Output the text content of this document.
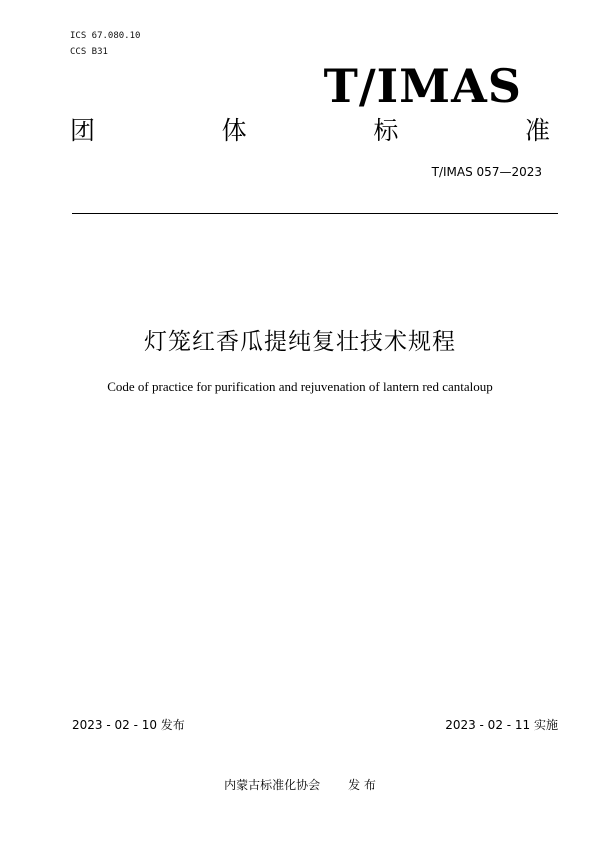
ICS 67.080.10
CCS B31
T/IMAS
团	体	标	准
T/IMAS 057—2023
灯笼红香瓜提纯复壮技术规程
Code of practice for purification and rejuvenation of lantern red cantaloup
2023 - 02 - 10 发布	2023 - 02 - 11 实施
内蒙古标准化协会 发 布
